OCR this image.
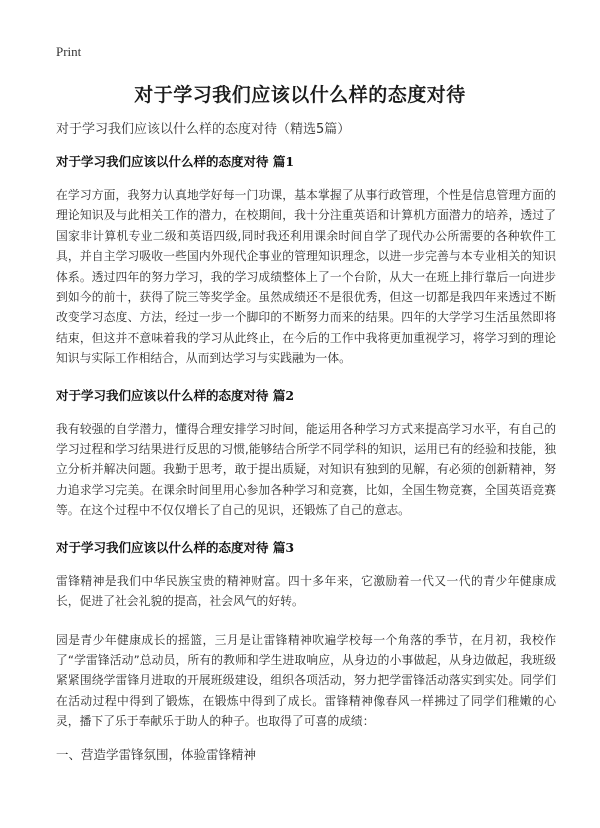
Print
对于学习我们应该以什么样的态度对待

对于学习我们应该以什么样的态度对待（精选5篇）

对于学习我们应该以什么样的态度对待 篇1

在学习方面，我努力认真地学好每一门功课，基本掌握了从事行政管理，个性是信息管理方面的理论知识及与此相关工作的潜力，在校期间，我十分注重英语和计算机方面潜力的培养，透过了国家非计算机专业二级和英语四级,同时我还利用课余时间自学了现代办公所需要的各种软件工具，并自主学习吸收一些国内外现代企事业的管理知识理念，以进一步完善与本专业相关的知识体系。透过四年的努力学习，我的学习成绩整体上了一个台阶，从大一在班上排行靠后一向进步到如今的前十，获得了院三等奖学金。虽然成绩还不是很优秀，但这一切都是我四年来透过不断改变学习态度、方法，经过一步一个脚印的不断努力而来的结果。四年的大学学习生活虽然即将结束，但这并不意味着我的学习从此终止，在今后的工作中我将更加重视学习，将学习到的理论知识与实际工作相结合，从而到达学习与实践融为一体。

对于学习我们应该以什么样的态度对待 篇2

我有较强的自学潜力，懂得合理安排学习时间，能运用各种学习方式来提高学习水平，有自己的学习过程和学习结果进行反思的习惯,能够结合所学不同学科的知识，运用已有的经验和技能，独立分析并解决问题。我勤于思考，敢于提出质疑，对知识有独到的见解，有必须的创新精神，努力追求学习完美。在课余时间里用心参加各种学习和竞赛，比如，全国生物竞赛，全国英语竞赛等。在这个过程中不仅仅增长了自己的见识，还锻炼了自己的意志。

对于学习我们应该以什么样的态度对待 篇3

雷锋精神是我们中华民族宝贵的精神财富。四十多年来，它激励着一代又一代的青少年健康成长，促进了社会礼貌的提高，社会风气的好转。

园是青少年健康成长的摇篮，三月是让雷锋精神吹遍学校每一个角落的季节，在月初，我校作了“学雷锋活动”总动员，所有的教师和学生进取响应，从身边的小事做起，从身边做起，我班级紧紧围绕学雷锋月进取的开展班级建设，组织各项活动，努力把学雷锋活动落实到实处。同学们在活动过程中得到了锻炼，在锻炼中得到了成长。雷锋精神像春风一样拂过了同学们稚嫩的心灵，播下了乐于奉献乐于助人的种子。也取得了可喜的成绩：

一、营造学雷锋氛围，体验雷锋精神
